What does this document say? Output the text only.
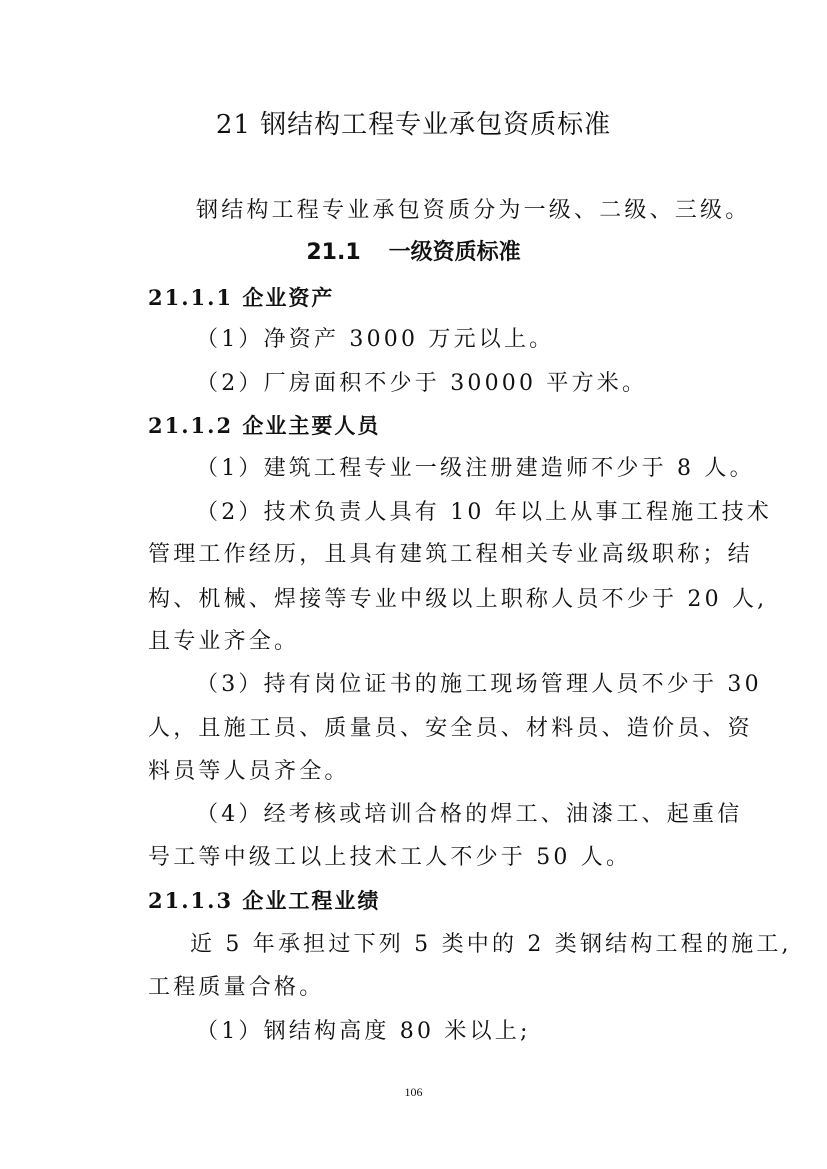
21 钢结构工程专业承包资质标准
钢结构工程专业承包资质分为一级、二级、三级。
21.1 一级资质标准
21.1.1 企业资产
（1）净资产 3000 万元以上。
（2）厂房面积不少于 30000 平方米。
21.1.2 企业主要人员
（1）建筑工程专业一级注册建造师不少于 8 人。
（2）技术负责人具有 10 年以上从事工程施工技术
管理工作经历，且具有建筑工程相关专业高级职称；结
构、机械、焊接等专业中级以上职称人员不少于 20 人,
且专业齐全。
（3）持有岗位证书的施工现场管理人员不少于 30
人，且施工员、质量员、安全员、材料员、造价员、资
料员等人员齐全。
（4）经考核或培训合格的焊工、油漆工、起重信
号工等中级工以上技术工人不少于 50 人。
21.1.3 企业工程业绩
近 5 年承担过下列 5 类中的 2 类钢结构工程的施工,
工程质量合格。
（1）钢结构高度 80 米以上;
106
